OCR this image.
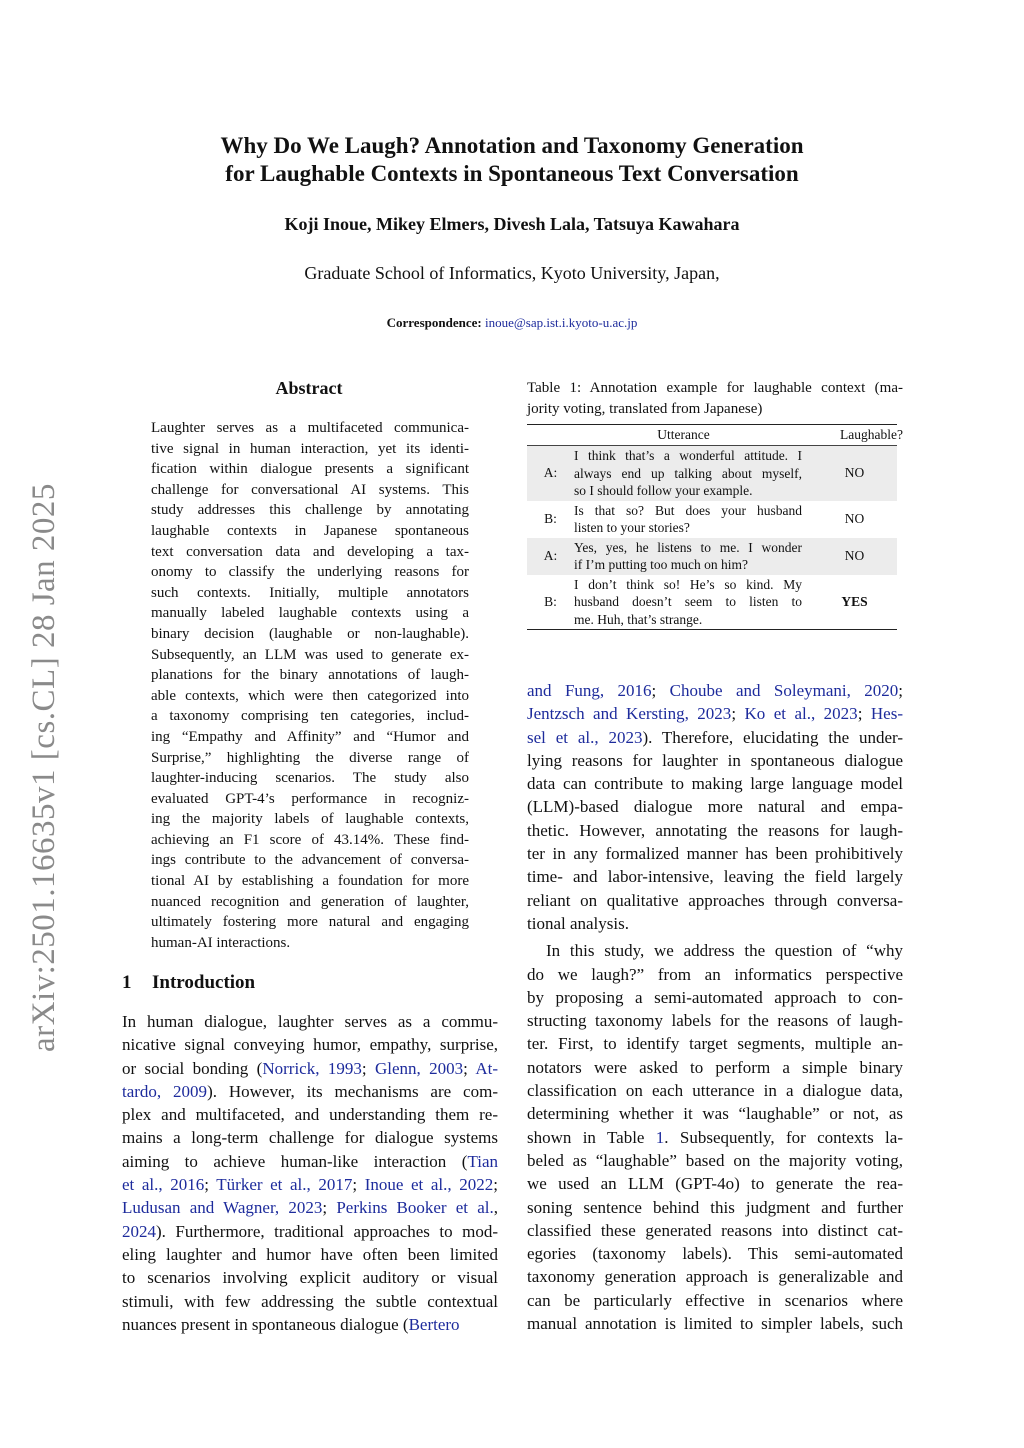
Why Do We Laugh? Annotation and Taxonomy Generation
for Laughable Contexts in Spontaneous Text Conversation
Koji Inoue, Mikey Elmers, Divesh Lala, Tatsuya Kawahara
Graduate School of Informatics, Kyoto University, Japan,
Correspondence: inoue@sap.ist.i.kyoto-u.ac.jp
arXiv:2501.16635v1 [cs.CL] 28 Jan 2025
Abstract
Laughter serves as a multifaceted communica-
tive signal in human interaction, yet its identi-
fication within dialogue presents a significant
challenge for conversational AI systems. This
study addresses this challenge by annotating
laughable contexts in Japanese spontaneous
text conversation data and developing a tax-
onomy to classify the underlying reasons for
such contexts. Initially, multiple annotators
manually labeled laughable contexts using a
binary decision (laughable or non-laughable).
Subsequently, an LLM was used to generate ex-
planations for the binary annotations of laugh-
able contexts, which were then categorized into
a taxonomy comprising ten categories, includ-
ing “Empathy and Affinity” and “Humor and
Surprise,” highlighting the diverse range of
laughter-inducing scenarios. The study also
evaluated GPT-4’s performance in recogniz-
ing the majority labels of laughable contexts,
achieving an F1 score of 43.14%. These find-
ings contribute to the advancement of conversa-
tional AI by establishing a foundation for more
nuanced recognition and generation of laughter,
ultimately fostering more natural and engaging
human-AI interactions.
1 Introduction
In human dialogue, laughter serves as a commu-
nicative signal conveying humor, empathy, surprise,
or social bonding (Norrick, 1993; Glenn, 2003; At-
tardo, 2009). However, its mechanisms are com-
plex and multifaceted, and understanding them re-
mains a long-term challenge for dialogue systems
aiming to achieve human-like interaction (Tian
et al., 2016; Türker et al., 2017; Inoue et al., 2022;
Ludusan and Wagner, 2023; Perkins Booker et al.,
2024). Furthermore, traditional approaches to mod-
eling laughter and humor have often been limited
to scenarios involving explicit auditory or visual
stimuli, with few addressing the subtle contextual
nuances present in spontaneous dialogue (Bertero
Table 1: Annotation example for laughable context (ma-
jority voting, translated from Japanese)
Utterance	Laughable?
A:
I think that’s a wonderful attitude. I
always end up talking about myself,
so I should follow your example.
NO
B:
Is that so? But does your husband
listen to your stories?
NO
A:
Yes, yes, he listens to me. I wonder
if I’m putting too much on him?
NO
B:
I don’t think so! He’s so kind. My
husband doesn’t seem to listen to
me. Huh, that’s strange.
YES
and Fung, 2016; Choube and Soleymani, 2020;
Jentzsch and Kersting, 2023; Ko et al., 2023; Hes-
sel et al., 2023). Therefore, elucidating the under-
lying reasons for laughter in spontaneous dialogue
data can contribute to making large language model
(LLM)-based dialogue more natural and empa-
thetic. However, annotating the reasons for laugh-
ter in any formalized manner has been prohibitively
time- and labor-intensive, leaving the field largely
reliant on qualitative approaches through conversa-
tional analysis.
In this study, we address the question of “why
do we laugh?” from an informatics perspective
by proposing a semi-automated approach to con-
structing taxonomy labels for the reasons of laugh-
ter. First, to identify target segments, multiple an-
notators were asked to perform a simple binary
classification on each utterance in a dialogue data,
determining whether it was “laughable” or not, as
shown in Table 1. Subsequently, for contexts la-
beled as “laughable” based on the majority voting,
we used an LLM (GPT-4o) to generate the rea-
soning sentence behind this judgment and further
classified these generated reasons into distinct cat-
egories (taxonomy labels). This semi-automated
taxonomy generation approach is generalizable and
can be particularly effective in scenarios where
manual annotation is limited to simpler labels, such
